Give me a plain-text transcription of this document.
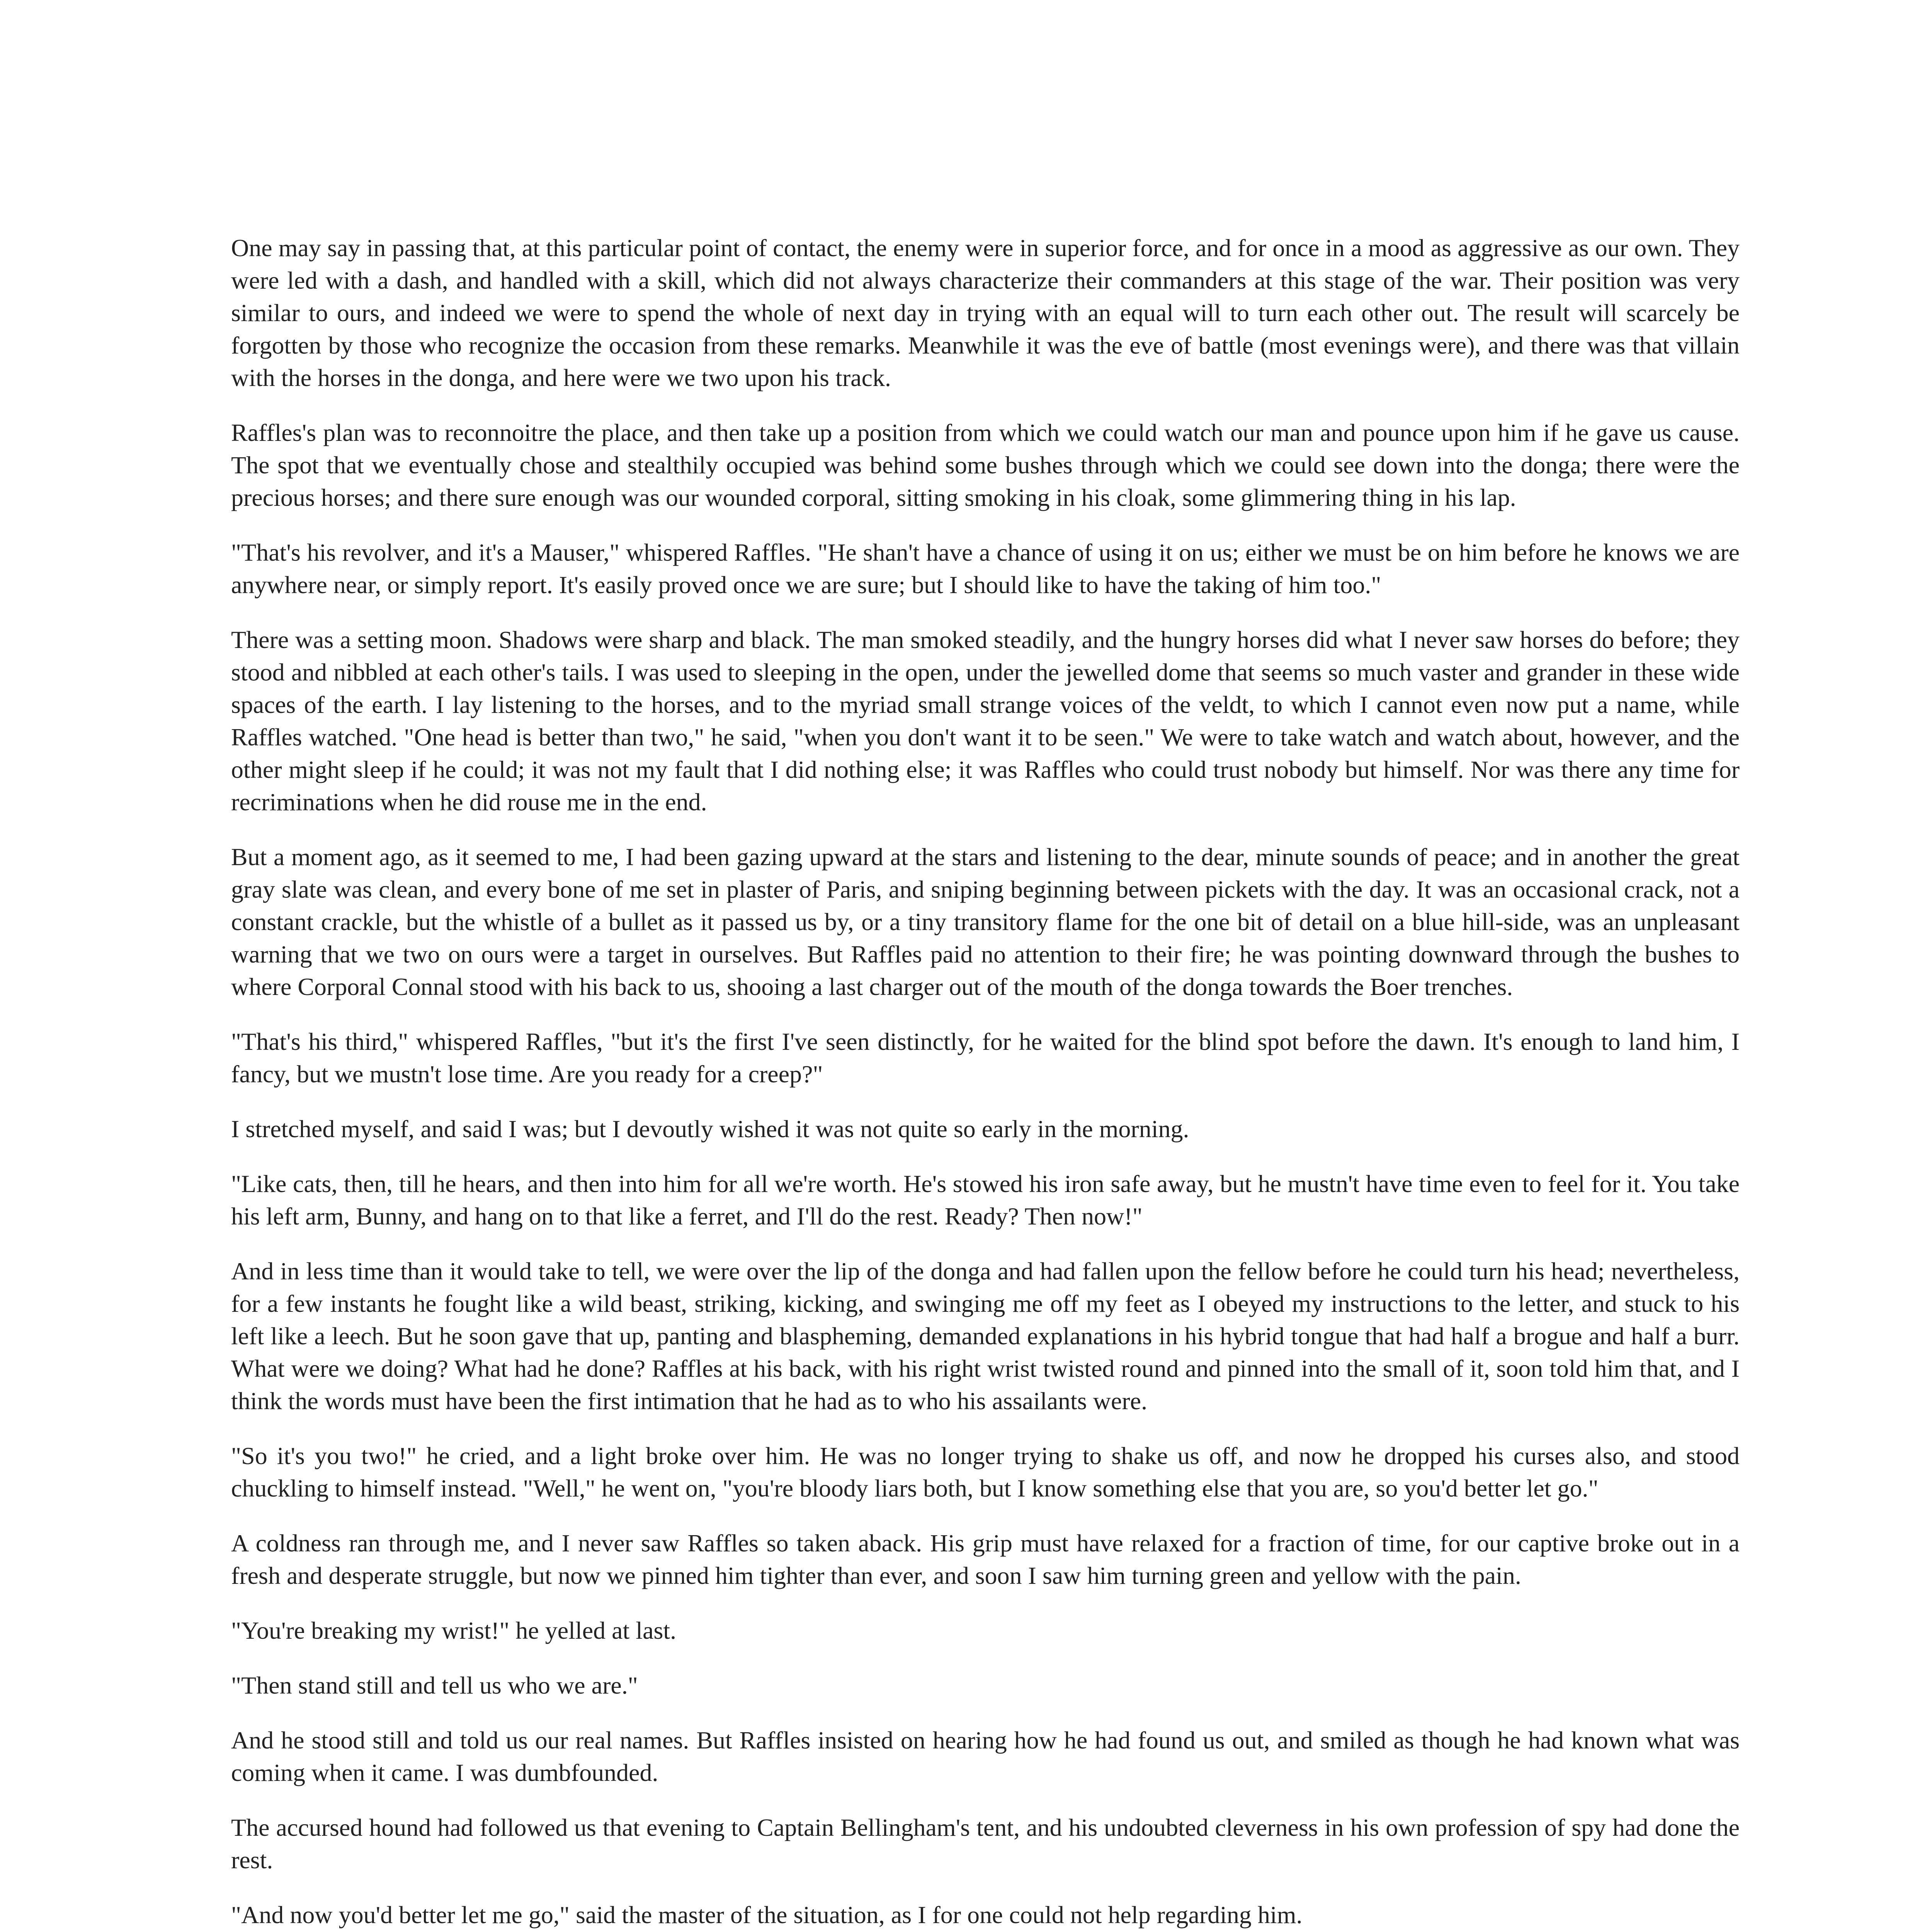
One may say in passing that, at this particular point of contact, the enemy were in superior force, and for once in a mood as aggressive as our own. They were led with a dash, and handled with a skill, which did not always characterize their commanders at this stage of the war. Their position was very similar to ours, and indeed we were to spend the whole of next day in trying with an equal will to turn each other out. The result will scarcely be forgotten by those who recognize the occasion from these remarks. Meanwhile it was the eve of battle (most evenings were), and there was that villain with the horses in the donga, and here were we two upon his track.

Raffles's plan was to reconnoitre the place, and then take up a position from which we could watch our man and pounce upon him if he gave us cause. The spot that we eventually chose and stealthily occupied was behind some bushes through which we could see down into the donga; there were the precious horses; and there sure enough was our wounded corporal, sitting smoking in his cloak, some glimmering thing in his lap.

"That's his revolver, and it's a Mauser," whispered Raffles. "He shan't have a chance of using it on us; either we must be on him before he knows we are anywhere near, or simply report. It's easily proved once we are sure; but I should like to have the taking of him too."

There was a setting moon. Shadows were sharp and black. The man smoked steadily, and the hungry horses did what I never saw horses do before; they stood and nibbled at each other's tails. I was used to sleeping in the open, under the jewelled dome that seems so much vaster and grander in these wide spaces of the earth. I lay listening to the horses, and to the myriad small strange voices of the veldt, to which I cannot even now put a name, while Raffles watched. "One head is better than two," he said, "when you don't want it to be seen." We were to take watch and watch about, however, and the other might sleep if he could; it was not my fault that I did nothing else; it was Raffles who could trust nobody but himself. Nor was there any time for recriminations when he did rouse me in the end.

But a moment ago, as it seemed to me, I had been gazing upward at the stars and listening to the dear, minute sounds of peace; and in another the great gray slate was clean, and every bone of me set in plaster of Paris, and sniping beginning between pickets with the day. It was an occasional crack, not a constant crackle, but the whistle of a bullet as it passed us by, or a tiny transitory flame for the one bit of detail on a blue hill-side, was an unpleasant warning that we two on ours were a target in ourselves. But Raffles paid no attention to their fire; he was pointing downward through the bushes to where Corporal Connal stood with his back to us, shooing a last charger out of the mouth of the donga towards the Boer trenches.

"That's his third," whispered Raffles, "but it's the first I've seen distinctly, for he waited for the blind spot before the dawn. It's enough to land him, I fancy, but we mustn't lose time. Are you ready for a creep?"

I stretched myself, and said I was; but I devoutly wished it was not quite so early in the morning.

"Like cats, then, till he hears, and then into him for all we're worth. He's stowed his iron safe away, but he mustn't have time even to feel for it. You take his left arm, Bunny, and hang on to that like a ferret, and I'll do the rest. Ready? Then now!"

And in less time than it would take to tell, we were over the lip of the donga and had fallen upon the fellow before he could turn his head; nevertheless, for a few instants he fought like a wild beast, striking, kicking, and swinging me off my feet as I obeyed my instructions to the letter, and stuck to his left like a leech. But he soon gave that up, panting and blaspheming, demanded explanations in his hybrid tongue that had half a brogue and half a burr. What were we doing? What had he done? Raffles at his back, with his right wrist twisted round and pinned into the small of it, soon told him that, and I think the words must have been the first intimation that he had as to who his assailants were.

"So it's you two!" he cried, and a light broke over him. He was no longer trying to shake us off, and now he dropped his curses also, and stood chuckling to himself instead. "Well," he went on, "you're bloody liars both, but I know something else that you are, so you'd better let go."

A coldness ran through me, and I never saw Raffles so taken aback. His grip must have relaxed for a fraction of time, for our captive broke out in a fresh and desperate struggle, but now we pinned him tighter than ever, and soon I saw him turning green and yellow with the pain.

"You're breaking my wrist!" he yelled at last.

"Then stand still and tell us who we are."

And he stood still and told us our real names. But Raffles insisted on hearing how he had found us out, and smiled as though he had known what was coming when it came. I was dumbfounded.

The accursed hound had followed us that evening to Captain Bellingham's tent, and his undoubted cleverness in his own profession of spy had done the rest.

"And now you'd better let me go," said the master of the situation, as I for one could not help regarding him.
